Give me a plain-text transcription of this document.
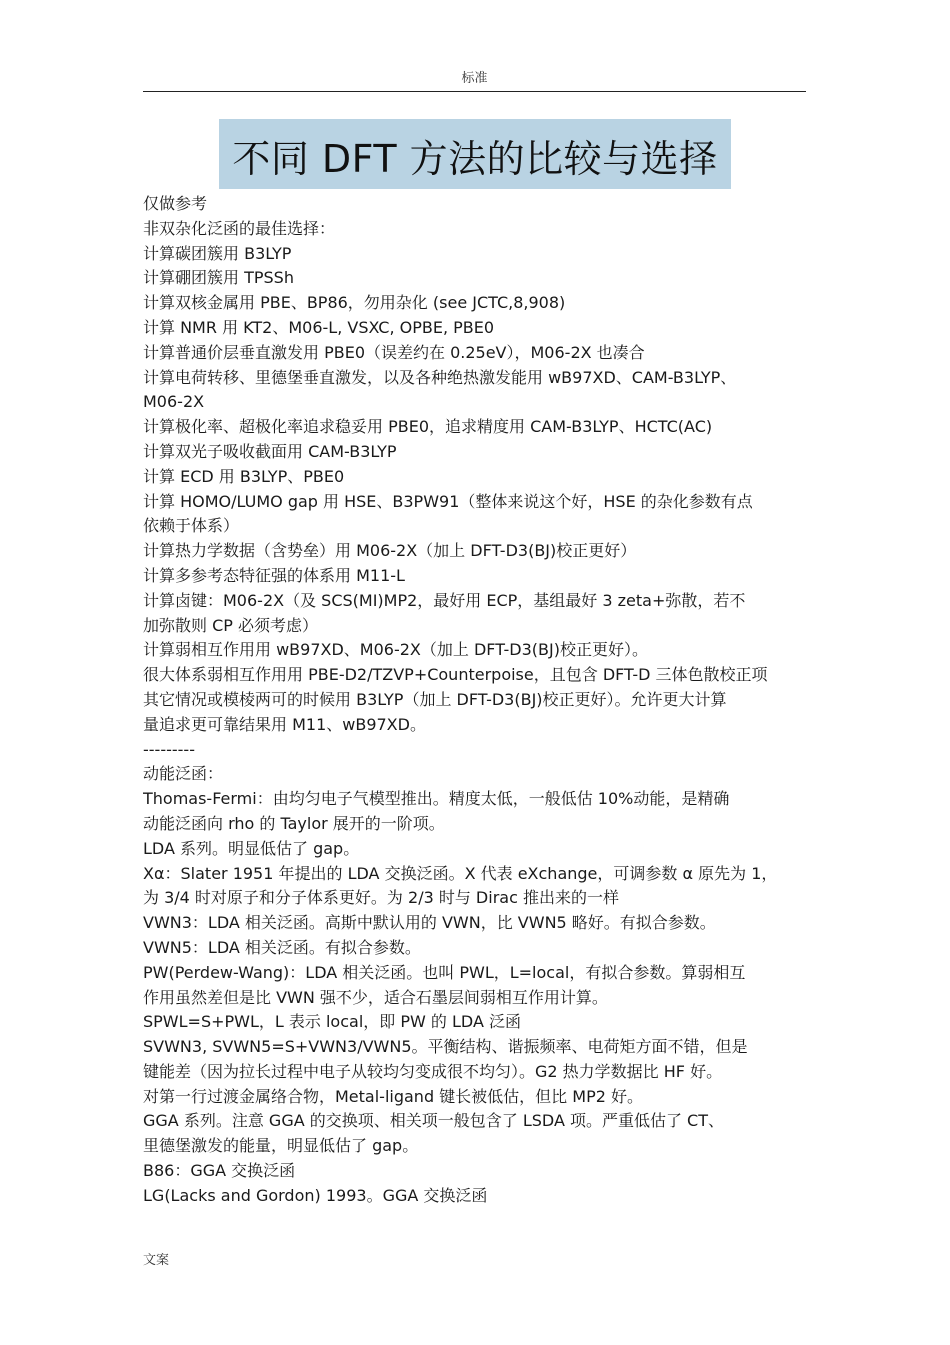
标准
不同 DFT 方法的比较与选择
仅做参考
非双杂化泛函的最佳选择：
计算碳团簇用 B3LYP
计算硼团簇用 TPSSh
计算双核金属用 PBE、BP86，勿用杂化 (see JCTC,8,908)
计算 NMR 用 KT2、M06-L, VSXC, OPBE, PBE0
计算普通价层垂直激发用 PBE0（误差约在 0.25eV），M06-2X 也凑合
计算电荷转移、里德堡垂直激发，以及各种绝热激发能用 wB97XD、CAM-B3LYP、
M06-2X
计算极化率、超极化率追求稳妥用 PBE0，追求精度用 CAM-B3LYP、HCTC(AC)
计算双光子吸收截面用 CAM-B3LYP
计算 ECD 用 B3LYP、PBE0
计算 HOMO/LUMO gap 用 HSE、B3PW91（整体来说这个好，HSE 的杂化参数有点
依赖于体系）
计算热力学数据（含势垒）用 M06-2X（加上 DFT-D3(BJ)校正更好）
计算多参考态特征强的体系用 M11-L
计算卤键：M06-2X（及 SCS(MI)MP2，最好用 ECP，基组最好 3 zeta+弥散，若不
加弥散则 CP 必须考虑）
计算弱相互作用用 wB97XD、M06-2X（加上 DFT-D3(BJ)校正更好）。
很大体系弱相互作用用 PBE-D2/TZVP+Counterpoise，且包含 DFT-D 三体色散校正项
其它情况或模棱两可的时候用 B3LYP（加上 DFT-D3(BJ)校正更好）。允许更大计算
量追求更可靠结果用 M11、wB97XD。
---------
动能泛函：
Thomas-Fermi：由均匀电子气模型推出。精度太低，一般低估 10%动能，是精确
动能泛函向 rho 的 Taylor 展开的一阶项。
LDA 系列。明显低估了 gap。
Xα：Slater 1951 年提出的 LDA 交换泛函。X 代表 eXchange，可调参数 α 原先为 1，
为 3/4 时对原子和分子体系更好。为 2/3 时与 Dirac 推出来的一样
VWN3：LDA 相关泛函。高斯中默认用的 VWN，比 VWN5 略好。有拟合参数。
VWN5：LDA 相关泛函。有拟合参数。
PW(Perdew-Wang)：LDA 相关泛函。也叫 PWL，L=local，有拟合参数。算弱相互
作用虽然差但是比 VWN 强不少，适合石墨层间弱相互作用计算。
SPWL=S+PWL，L 表示 local，即 PW 的 LDA 泛函
SVWN3, SVWN5=S+VWN3/VWN5。平衡结构、谐振频率、电荷矩方面不错，但是
键能差（因为拉长过程中电子从较均匀变成很不均匀）。G2 热力学数据比 HF 好。
对第一行过渡金属络合物，Metal-ligand 键长被低估，但比 MP2 好。
GGA 系列。注意 GGA 的交换项、相关项一般包含了 LSDA 项。严重低估了 CT、
里德堡激发的能量，明显低估了 gap。
B86：GGA 交换泛函
LG(Lacks and Gordon) 1993。GGA 交换泛函
文案
